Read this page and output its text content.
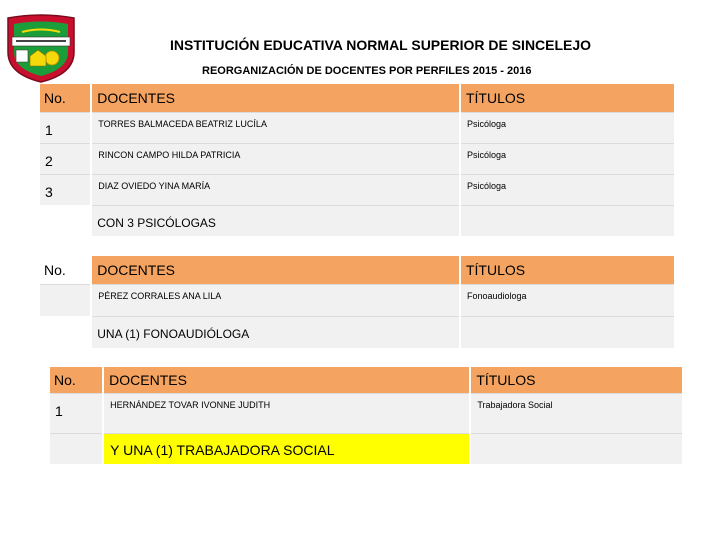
INSTITUCIÓN EDUCATIVA NORMAL SUPERIOR DE SINCELEJO
REORGANIZACIÓN DE DOCENTES POR PERFILES 2015 - 2016
No.	DOCENTES	TÍTULOS
1	TORRES BALMACEDA BEATRIZ LUCÍLA	Psicóloga
2	RINCON CAMPO HILDA PATRICIA	Psicóloga
3	DIAZ OVIEDO YINA MARÍA	Psicóloga
	CON 3 PSICÓLOGAS	
No.	DOCENTES	TÍTULOS
	PÉREZ CORRALES ANA LILA	Fonoaudiologa
	UNA (1) FONOAUDIÓLOGA	
No.	DOCENTES	TÍTULOS
1	HERNÁNDEZ TOVAR IVONNE JUDITH	Trabajadora Social
	Y UNA (1) TRABAJADORA SOCIAL	
